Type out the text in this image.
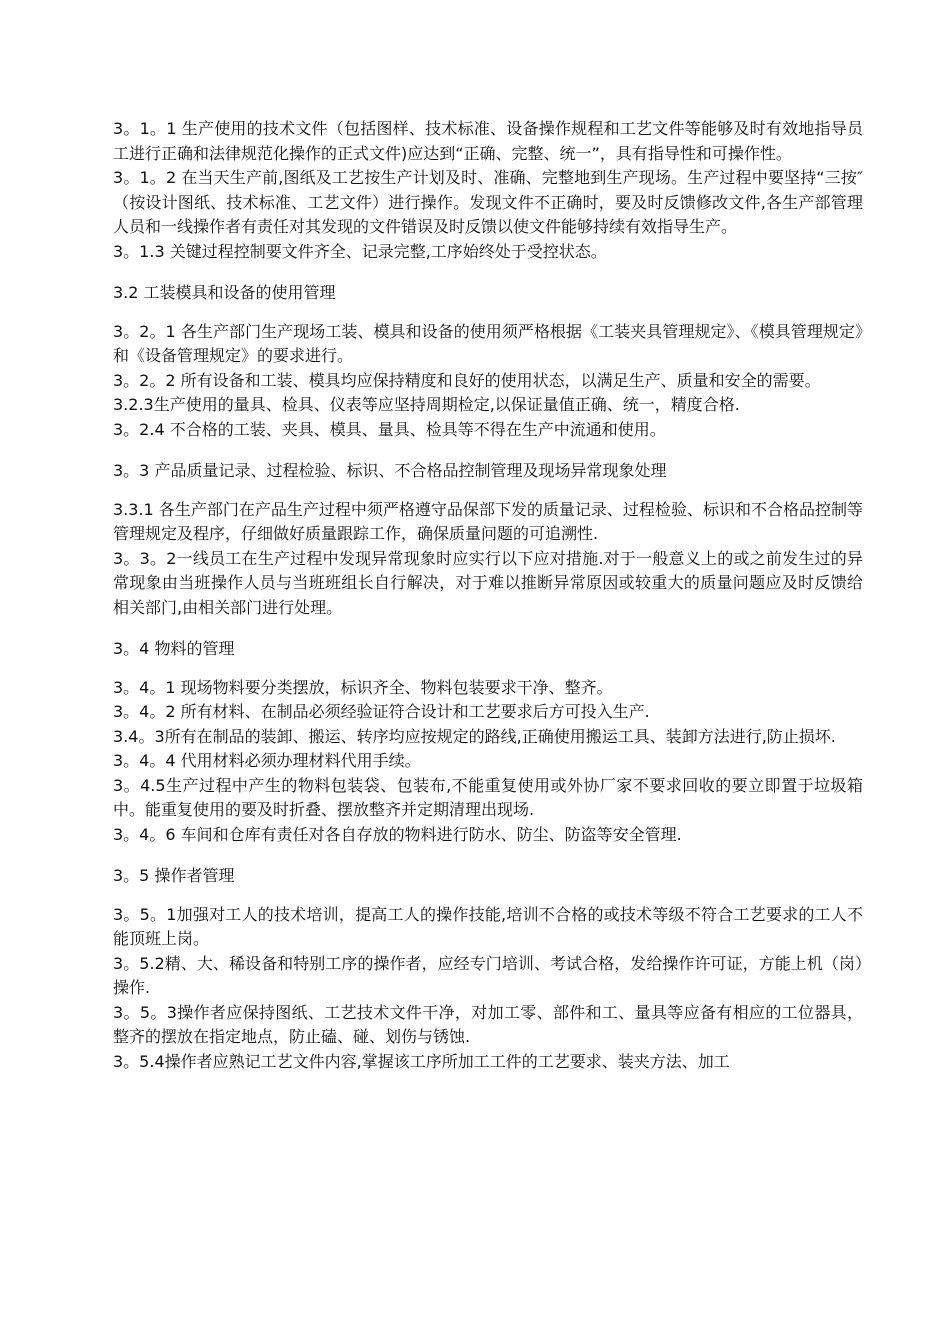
3。1。1 生产使用的技术文件（包括图样、技术标准、设备操作规程和工艺文件等能够及时有效地指导员工进行正确和法律规范化操作的正式文件)应达到“正确、完整、统一”，具有指导性和可操作性。

3。1。2 在当天生产前,图纸及工艺按生产计划及时、准确、完整地到生产现场。生产过程中要坚持“三按″（按设计图纸、技术标准、工艺文件）进行操作。发现文件不正确时，要及时反馈修改文件,各生产部管理人员和一线操作者有责任对其发现的文件错误及时反馈以使文件能够持续有效指导生产。

3。1.3 关键过程控制要文件齐全、记录完整,工序始终处于受控状态。

3.2 工装模具和设备的使用管理

3。2。1 各生产部门生产现场工装、模具和设备的使用须严格根据《工装夹具管理规定》、《模具管理规定》和《设备管理规定》的要求进行。

3。2。2 所有设备和工装、模具均应保持精度和良好的使用状态，以满足生产、质量和安全的需要。

3.2.3生产使用的量具、检具、仪表等应坚持周期检定,以保证量值正确、统一，精度合格.

3。2.4 不合格的工装、夹具、模具、量具、检具等不得在生产中流通和使用。

3。3 产品质量记录、过程检验、标识、不合格品控制管理及现场异常现象处理

3.3.1 各生产部门在产品生产过程中须严格遵守品保部下发的质量记录、过程检验、标识和不合格品控制等管理规定及程序，仔细做好质量跟踪工作，确保质量问题的可追溯性.

3。3。2一线员工在生产过程中发现异常现象时应实行以下应对措施.对于一般意义上的或之前发生过的异常现象由当班操作人员与当班班组长自行解决，对于难以推断异常原因或较重大的质量问题应及时反馈给相关部门,由相关部门进行处理。

3。4 物料的管理

3。4。1 现场物料要分类摆放，标识齐全、物料包装要求干净、整齐。

3。4。2 所有材料、在制品必须经验证符合设计和工艺要求后方可投入生产.

3.4。3所有在制品的装卸、搬运、转序均应按规定的路线,正确使用搬运工具、装卸方法进行,防止损坏.

3。4。4 代用材料必须办理材料代用手续。

3。4.5生产过程中产生的物料包装袋、包装布,不能重复使用或外协厂家不要求回收的要立即置于垃圾箱中。能重复使用的要及时折叠、摆放整齐并定期清理出现场.

3。4。6 车间和仓库有责任对各自存放的物料进行防水、防尘、防盗等安全管理.

3。5 操作者管理

3。5。1加强对工人的技术培训，提高工人的操作技能,培训不合格的或技术等级不符合工艺要求的工人不能顶班上岗。

3。5.2精、大、稀设备和特别工序的操作者，应经专门培训、考试合格，发给操作许可证，方能上机（岗）操作.

3。5。3操作者应保持图纸、工艺技术文件干净，对加工零、部件和工、量具等应备有相应的工位器具，整齐的摆放在指定地点，防止磕、碰、划伤与锈蚀.

3。5.4操作者应熟记工艺文件内容,掌握该工序所加工工件的工艺要求、装夹方法、加工
